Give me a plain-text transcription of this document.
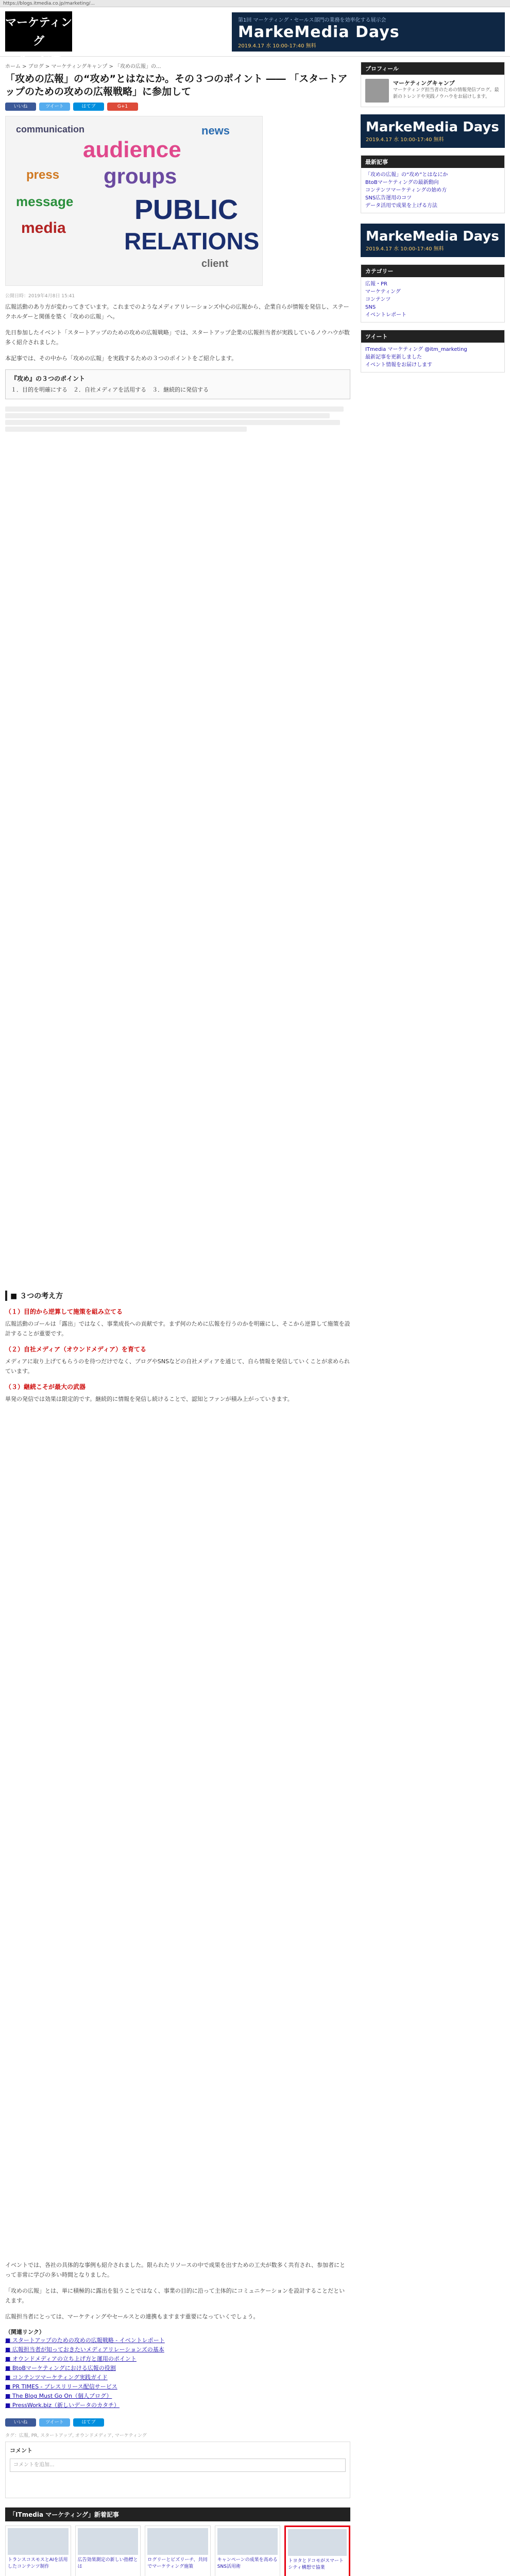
https://blogs.itmedia.co.jp/marketing/...
マーケティング
キャンプ
第1回 マーケティング・セールス部門の業務を効率化する展示会
MarkeMedia Days
2019.4.17 水 10:00-17:40 無料
ホーム > ブログ > マーケティングキャンプ > 「攻めの広報」の...
「攻めの広報」の“攻め”とはなにか。その３つのポイント ―― 「スタートアップのための攻めの広報戦略」に参加して
いいね	ツイート	はてブ	G+1
audience
groups
PUBLIC
RELATIONS
message
press
media
communication
client
news
公開日時：2019年4月8日 15:41

広報活動のあり方が変わってきています。これまでのようなメディアリレーションズ中心の広報から、企業自らが情報を発信し、ステークホルダーと関係を築く「攻めの広報」へ。

先日参加したイベント「スタートアップのための攻めの広報戦略」では、スタートアップ企業の広報担当者が実践しているノウハウが数多く紹介されました。

本記事では、その中から「攻めの広報」を実践するための３つのポイントをご紹介します。

『攻め』の３つのポイント
１．目的を明確にする　２．自社メディアを活用する　３．継続的に発信する
■ ３つの考え方
（１）目的から逆算して施策を組み立てる

広報活動のゴールは「露出」ではなく、事業成長への貢献です。まず何のために広報を行うのかを明確にし、そこから逆算して施策を設計することが重要です。

（２）自社メディア（オウンドメディア）を育てる

メディアに取り上げてもらうのを待つだけでなく、ブログやSNSなどの自社メディアを通じて、自ら情報を発信していくことが求められています。

（３）継続こそが最大の武器

単発の発信では効果は限定的です。継続的に情報を発信し続けることで、認知とファンが積み上がっていきます。

イベントでは、各社の具体的な事例も紹介されました。限られたリソースの中で成果を出すための工夫が数多く共有され、参加者にとって非常に学びの多い時間となりました。

「攻めの広報」とは、単に積極的に露出を狙うことではなく、事業の目的に沿って主体的にコミュニケーションを設計することだといえます。

広報担当者にとっては、マーケティングやセールスとの連携もますます重要になっていくでしょう。

（関連リンク）
■ スタートアップのための攻めの広報戦略 - イベントレポート
■ 広報担当者が知っておきたいメディアリレーションズの基本
■ オウンドメディアの立ち上げ方と運用のポイント
■ BtoBマーケティングにおける広報の役割
■ コンテンツマーケティング実践ガイド
■ PR TIMES - プレスリリース配信サービス
■ The Blog Must Go On（個人ブログ）
■ PressWork.biz（新しいデータのカタチ）
いいね	ツイート	はてブ
タグ：広報, PR, スタートアップ, オウンドメディア, マーケティング
コメント
コメントを追加...
「ITmedia マーケティング」新着記事
トランスコスモスとAIを活用したコンテンツ制作
広告効果測定の新しい指標とは
ログリーとビズリーチ、共同でマーケティング施策
キャンペーンの成果を高めるSNS活用術
トヨタとドコモがスマートシティ構想で協業
プロフィール
マーケティングキャンプ
マーケティング担当者のための情報発信ブログ。最新のトレンドや実践ノウハウをお届けします。
MarkeMedia Days
2019.4.17 水 10:00-17:40 無料
最新記事
「攻めの広報」の“攻め”とはなにか
BtoBマーケティングの最新動向
コンテンツマーケティングの始め方
SNS広告運用のコツ
データ活用で成果を上げる方法
MarkeMedia Days
2019.4.17 水 10:00-17:40 無料
カテゴリー
広報・PR
マーケティング
コンテンツ
SNS
イベントレポート
ツイート
ITmedia マーケティング @itm_marketing
最新記事を更新しました
イベント情報をお届けします
